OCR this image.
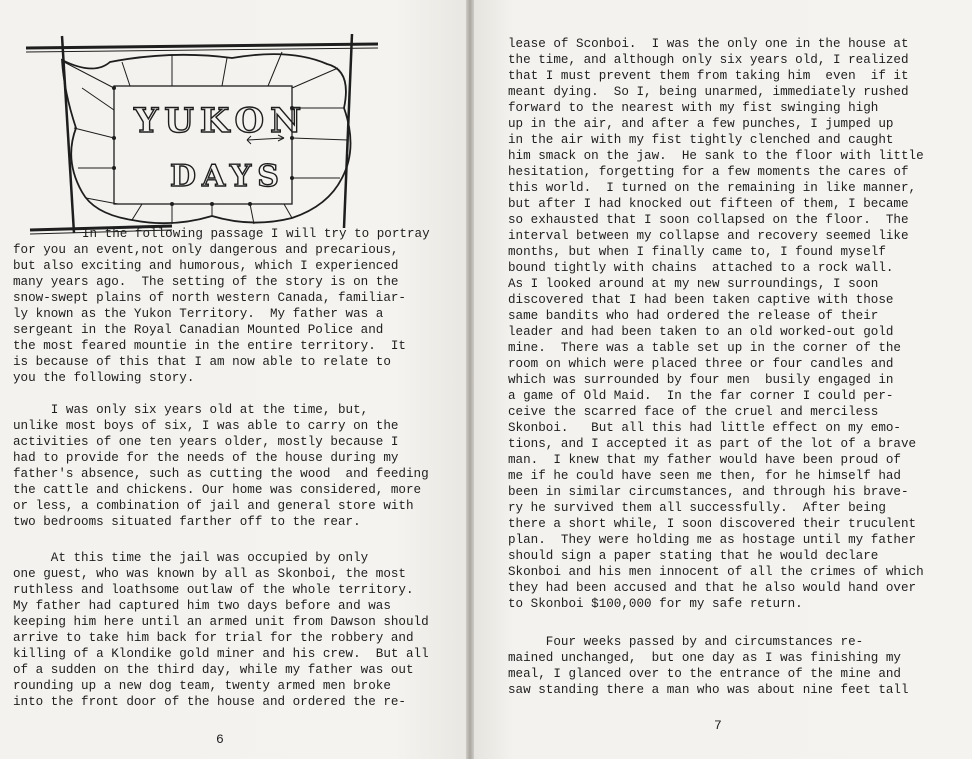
YUKON
DAYS
In the following passage I will try to portray
for you an event,not only dangerous and precarious,
but also exciting and humorous, which I experienced
many years ago.  The setting of the story is on the
snow-swept plains of north western Canada, familiar-
ly known as the Yukon Territory.  My father was a
sergeant in the Royal Canadian Mounted Police and
the most feared mountie in the entire territory.  It
is because of this that I am now able to relate to
you the following story.
I was only six years old at the time, but,
unlike most boys of six, I was able to carry on the
activities of one ten years older, mostly because I
had to provide for the needs of the house during my
father's absence, such as cutting the wood  and feeding
the cattle and chickens. Our home was considered, more
or less, a combination of jail and general store with
two bedrooms situated farther off to the rear.
At this time the jail was occupied by only
one guest, who was known by all as Skonboi, the most
ruthless and loathsome outlaw of the whole territory.
My father had captured him two days before and was
keeping him here until an armed unit from Dawson should
arrive to take him back for trial for the robbery and
killing of a Klondike gold miner and his crew.  But all
of a sudden on the third day, while my father was out
rounding up a new dog team, twenty armed men broke
into the front door of the house and ordered the re-
6
lease of Sconboi.  I was the only one in the house at
the time, and although only six years old, I realized
that I must prevent them from taking him  even  if it
meant dying.  So I, being unarmed, immediately rushed
forward to the nearest with my fist swinging high
up in the air, and after a few punches, I jumped up
in the air with my fist tightly clenched and caught
him smack on the jaw.  He sank to the floor with little
hesitation, forgetting for a few moments the cares of
this world.  I turned on the remaining in like manner,
but after I had knocked out fifteen of them, I became
so exhausted that I soon collapsed on the floor.  The
interval between my collapse and recovery seemed like
months, but when I finally came to, I found myself
bound tightly with chains  attached to a rock wall.
As I looked around at my new surroundings, I soon
discovered that I had been taken captive with those
same bandits who had ordered the release of their
leader and had been taken to an old worked-out gold
mine.  There was a table set up in the corner of the
room on which were placed three or four candles and
which was surrounded by four men  busily engaged in
a game of Old Maid.  In the far corner I could per-
ceive the scarred face of the cruel and merciless
Skonboi.   But all this had little effect on my emo-
tions, and I accepted it as part of the lot of a brave
man.  I knew that my father would have been proud of
me if he could have seen me then, for he himself had
been in similar circumstances, and through his brave-
ry he survived them all successfully.  After being
there a short while, I soon discovered their truculent
plan.  They were holding me as hostage until my father
should sign a paper stating that he would declare
Skonboi and his men innocent of all the crimes of which
they had been accused and that he also would hand over
to Skonboi $100,000 for my safe return.
Four weeks passed by and circumstances re-
mained unchanged,  but one day as I was finishing my
meal, I glanced over to the entrance of the mine and
saw standing there a man who was about nine feet tall
7
